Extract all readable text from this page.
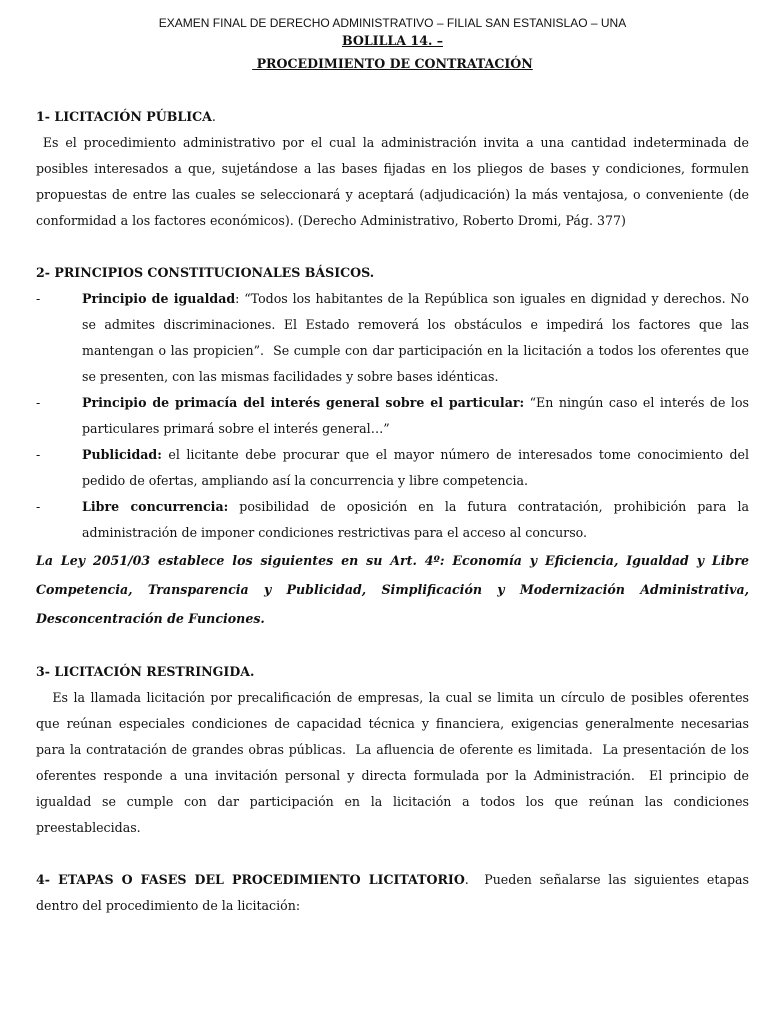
EXAMEN FINAL DE DERECHO ADMINISTRATIVO – FILIAL SAN ESTANISLAO – UNA

BOLILLA 14. –

PROCEDIMIENTO DE CONTRATACIÓN

1- LICITACIÓN PÚBLICA.

Es el procedimiento administrativo por el cual la administración invita a una cantidad indeterminada de posibles interesados a que, sujetándose a las bases fijadas en los pliegos de bases y condiciones, formulen propuestas de entre las cuales se seleccionará y aceptará (adjudicación) la más ventajosa, o conveniente (de conformidad a los factores económicos). (Derecho Administrativo, Roberto Dromi, Pág. 377)

2- PRINCIPIOS CONSTITUCIONALES BÁSICOS.

-	Principio de igualdad: “Todos los habitantes de la República son iguales en dignidad y derechos. No se admites discriminaciones. El Estado removerá los obstáculos e impedirá los factores que las mantengan o las propicien”.  Se cumple con dar participación en la licitación a todos los oferentes que se presenten, con las mismas facilidades y sobre bases idénticas.
-	Principio de primacía del interés general sobre el particular: “En ningún caso el interés de los particulares primará sobre el interés general…”
-	Publicidad: el licitante debe procurar que el mayor número de interesados tome conocimiento del pedido de ofertas, ampliando así la concurrencia y libre competencia.
-	Libre concurrencia: posibilidad de oposición en la futura contratación, prohibición para la administración de imponer condiciones restrictivas para el acceso al concurso.

La Ley 2051/03 establece los siguientes en su Art. 4º: Economía y Eficiencia, Igualdad y Libre Competencia, Transparencia y Publicidad, Simplificación y Modernización Administrativa, Desconcentración de Funciones.

3- LICITACIÓN RESTRINGIDA.

Es la llamada licitación por precalificación de empresas, la cual se limita un círculo de posibles oferentes que reúnan especiales condiciones de capacidad técnica y financiera, exigencias generalmente necesarias para la contratación de grandes obras públicas.  La afluencia de oferente es limitada.  La presentación de los oferentes responde a una invitación personal y directa formulada por la Administración.  El principio de igualdad se cumple con dar participación en la licitación a todos los que reúnan las condiciones preestablecidas.

4- ETAPAS O FASES DEL PROCEDIMIENTO LICITATORIO.  Pueden señalarse las siguientes etapas dentro del procedimiento de la licitación:
